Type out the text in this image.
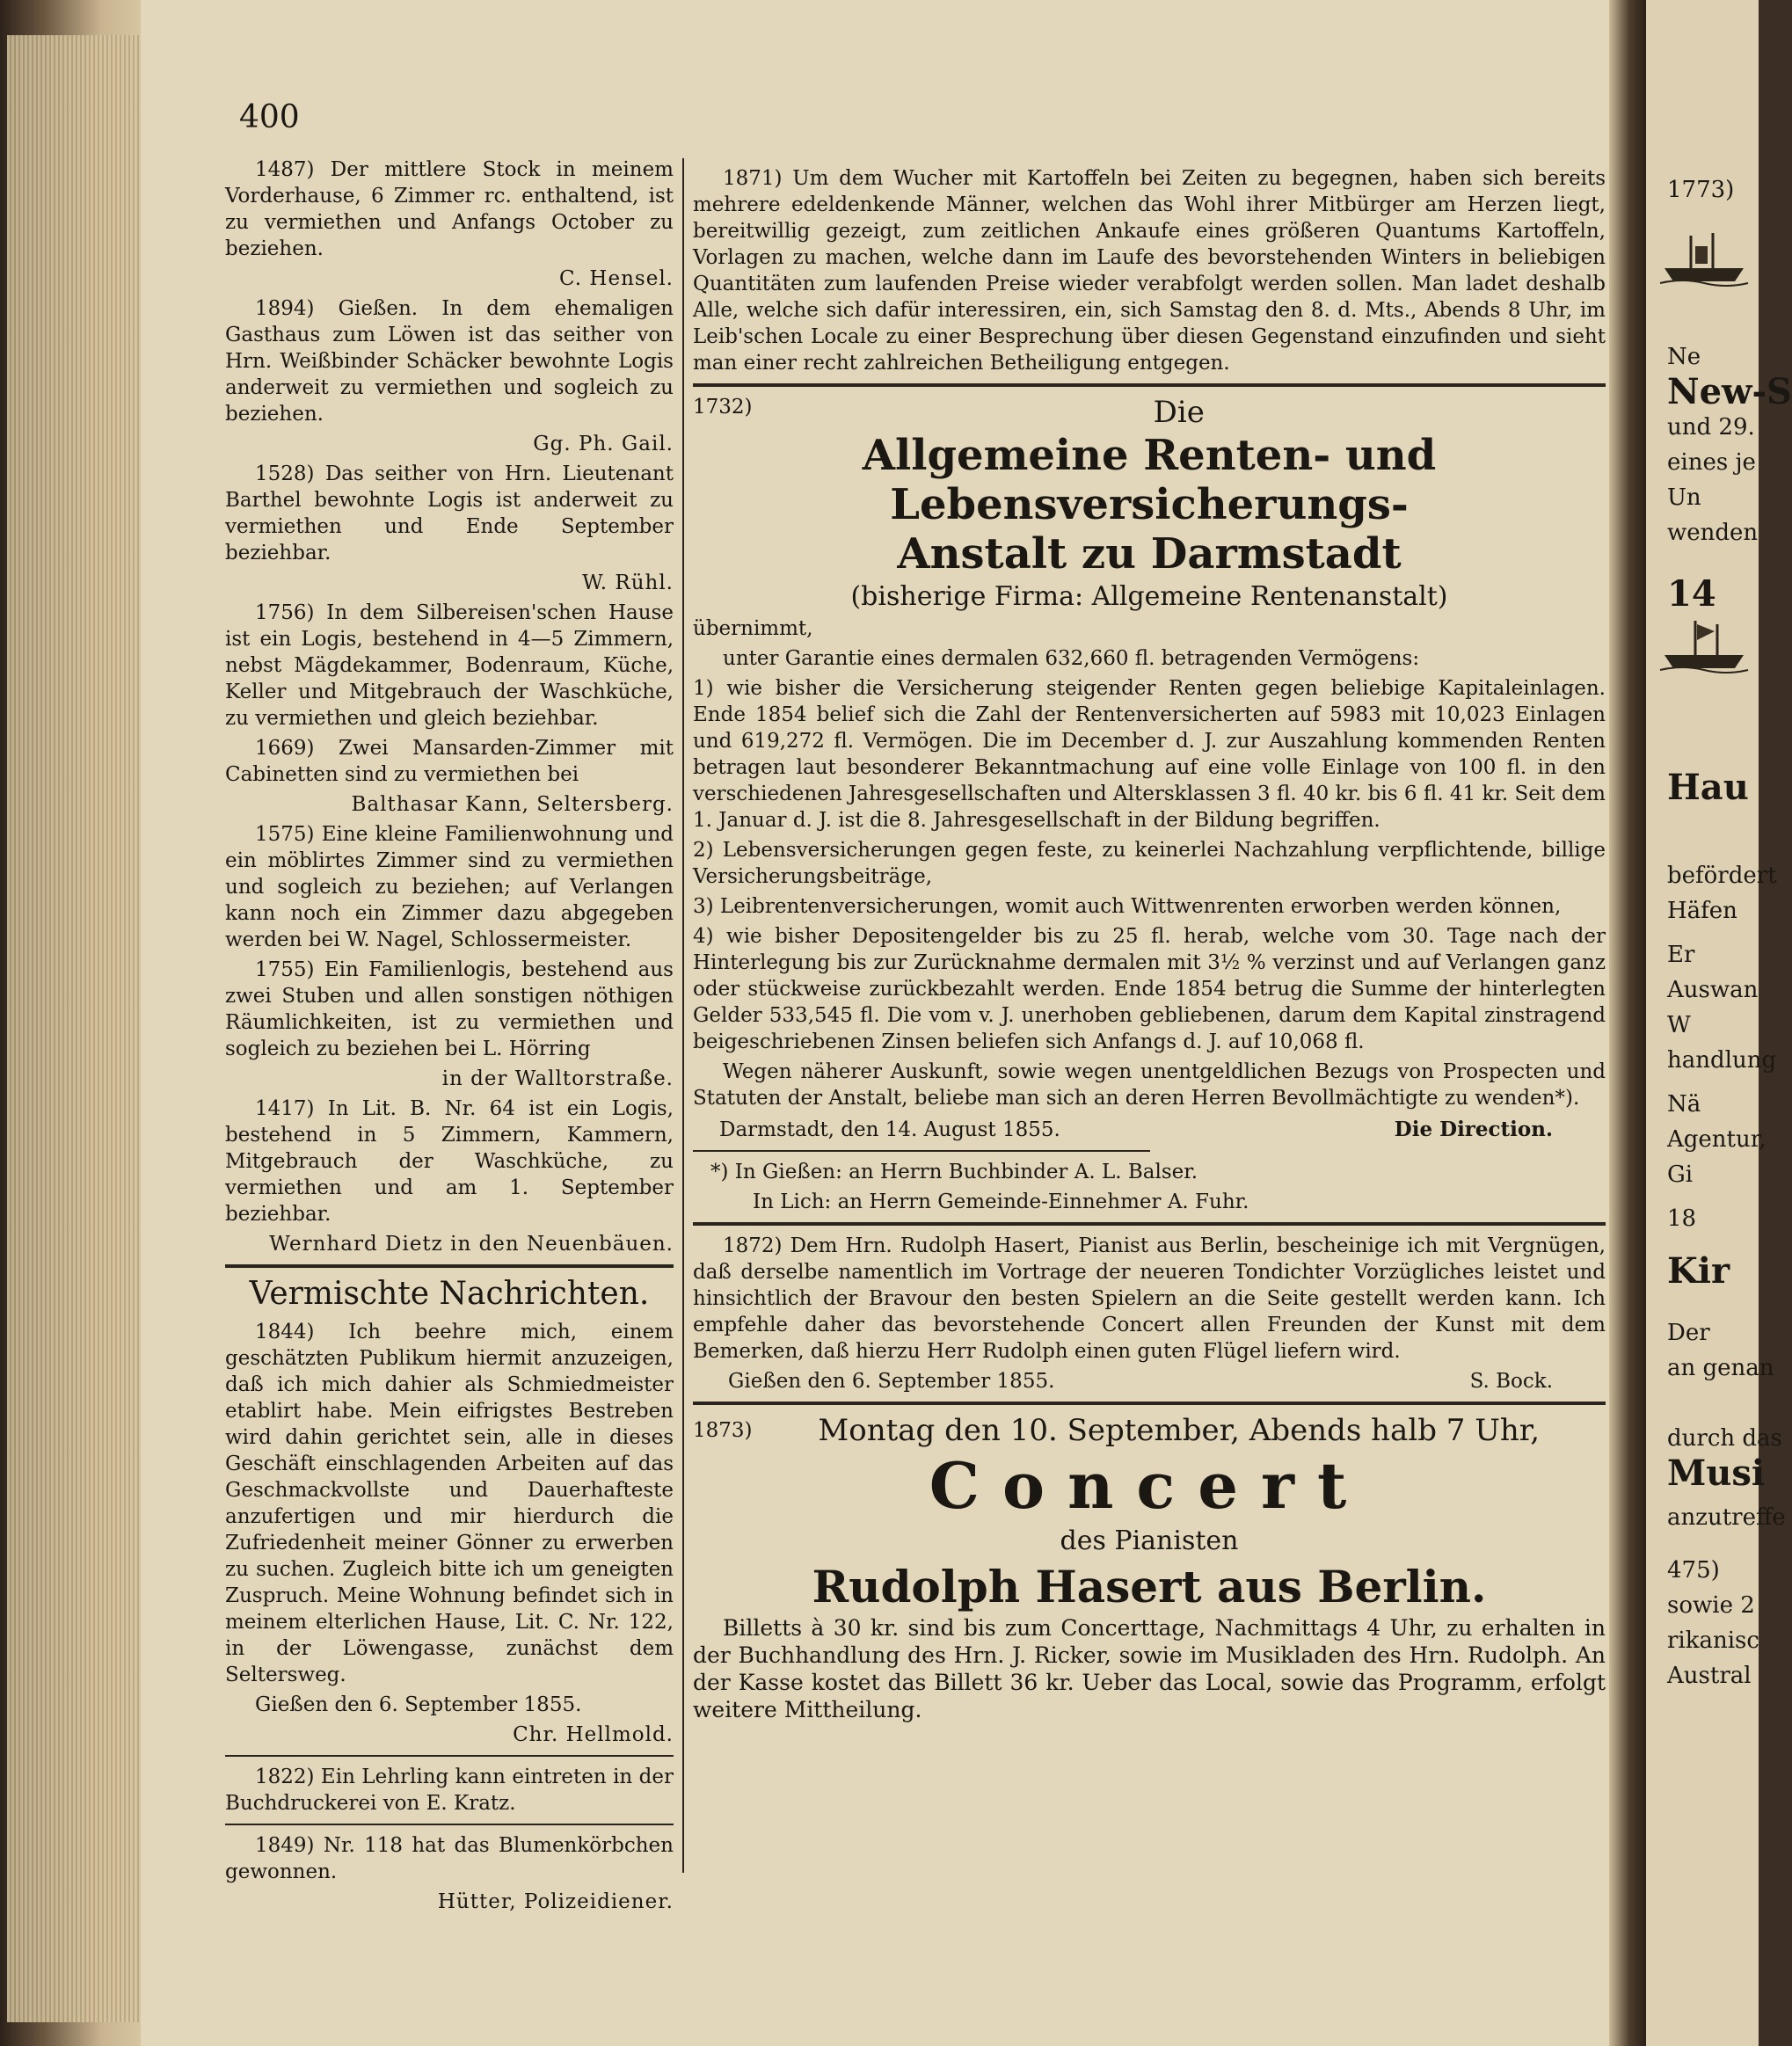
400

1487) Der mittlere Stock in meinem Vorderhause, 6 Zimmer rc. enthaltend, ist zu vermiethen und Anfangs October zu beziehen.

C. Hensel.

1894) Gießen. In dem ehemaligen Gasthaus zum Löwen ist das seither von Hrn. Weißbinder Schäcker bewohnte Logis anderweit zu vermiethen und sogleich zu beziehen.

Gg. Ph. Gail.

1528) Das seither von Hrn. Lieutenant Barthel bewohnte Logis ist anderweit zu vermiethen und Ende September beziehbar.

W. Rühl.

1756) In dem Silbereisen'schen Hause ist ein Logis, bestehend in 4—5 Zimmern, nebst Mägdekammer, Bodenraum, Küche, Keller und Mitgebrauch der Waschküche, zu vermiethen und gleich beziehbar.

1669) Zwei Mansarden-Zimmer mit Cabinetten sind zu vermiethen bei

Balthasar Kann, Seltersberg.

1575) Eine kleine Familienwohnung und ein möblirtes Zimmer sind zu vermiethen und sogleich zu beziehen; auf Verlangen kann noch ein Zimmer dazu abgegeben werden bei W. Nagel, Schlossermeister.

1755) Ein Familienlogis, bestehend aus zwei Stuben und allen sonstigen nöthigen Räumlichkeiten, ist zu vermiethen und sogleich zu beziehen bei L. Hörring

in der Walltorstraße.

1417) In Lit. B. Nr. 64 ist ein Logis, bestehend in 5 Zimmern, Kammern, Mitgebrauch der Waschküche, zu vermiethen und am 1. September beziehbar.

Wernhard Dietz in den Neuenbäuen.

Vermischte Nachrichten.

1844) Ich beehre mich, einem geschätzten Publikum hiermit anzuzeigen, daß ich mich dahier als Schmiedmeister etablirt habe. Mein eifrigstes Bestreben wird dahin gerichtet sein, alle in dieses Geschäft einschlagenden Arbeiten auf das Geschmackvollste und Dauerhafteste anzufertigen und mir hierdurch die Zufriedenheit meiner Gönner zu erwerben zu suchen. Zugleich bitte ich um geneigten Zuspruch. Meine Wohnung befindet sich in meinem elterlichen Hause, Lit. C. Nr. 122, in der Löwengasse, zunächst dem Seltersweg.

Gießen den 6. September 1855.

Chr. Hellmold.

1822) Ein Lehrling kann eintreten in der Buchdruckerei von E. Kratz.

1849) Nr. 118 hat das Blumenkörbchen gewonnen.

Hütter, Polizeidiener.

1871) Um dem Wucher mit Kartoffeln bei Zeiten zu begegnen, haben sich bereits mehrere edeldenkende Männer, welchen das Wohl ihrer Mitbürger am Herzen liegt, bereitwillig gezeigt, zum zeitlichen Ankaufe eines größeren Quantums Kartoffeln, Vorlagen zu machen, welche dann im Laufe des bevorstehenden Winters in beliebigen Quantitäten zum laufenden Preise wieder verabfolgt werden sollen. Man ladet deshalb Alle, welche sich dafür interessiren, ein, sich Samstag den 8. d. Mts., Abends 8 Uhr, im Leib'schen Locale zu einer Besprechung über diesen Gegenstand einzufinden und sieht man einer recht zahlreichen Betheiligung entgegen.

1732)	Die
Allgemeine Renten- und Lebensversicherungs-
Anstalt zu Darmstadt
(bisherige Firma: Allgemeine Rentenanstalt)

übernimmt,

unter Garantie eines dermalen 632,660 fl. betragenden Vermögens:

1) wie bisher die Versicherung steigender Renten gegen beliebige Kapitaleinlagen. Ende 1854 belief sich die Zahl der Rentenversicherten auf 5983 mit 10,023 Einlagen und 619,272 fl. Vermögen. Die im December d. J. zur Auszahlung kommenden Renten betragen laut besonderer Bekanntmachung auf eine volle Einlage von 100 fl. in den verschiedenen Jahresgesellschaften und Altersklassen 3 fl. 40 kr. bis 6 fl. 41 kr. Seit dem 1. Januar d. J. ist die 8. Jahresgesellschaft in der Bildung begriffen.

2) Lebensversicherungen gegen feste, zu keinerlei Nachzahlung verpflichtende, billige Versicherungsbeiträge,

3) Leibrentenversicherungen, womit auch Wittwenrenten erworben werden können,

4) wie bisher Depositengelder bis zu 25 fl. herab, welche vom 30. Tage nach der Hinterlegung bis zur Zurücknahme dermalen mit 3½ % verzinst und auf Verlangen ganz oder stückweise zurückbezahlt werden. Ende 1854 betrug die Summe der hinterlegten Gelder 533,545 fl. Die vom v. J. unerhoben gebliebenen, darum dem Kapital zinstragend beigeschriebenen Zinsen beliefen sich Anfangs d. J. auf 10,068 fl.

Wegen näherer Auskunft, sowie wegen unentgeldlichen Bezugs von Prospecten und Statuten der Anstalt, beliebe man sich an deren Herren Bevollmächtigte zu wenden*).

Darmstadt, den 14. August 1855.	Die Direction.

*) In Gießen: an Herrn Buchbinder A. L. Balser.

In Lich: an Herrn Gemeinde-Einnehmer A. Fuhr.

1872) Dem Hrn. Rudolph Hasert, Pianist aus Berlin, bescheinige ich mit Vergnügen, daß derselbe namentlich im Vortrage der neueren Tondichter Vorzügliches leistet und hinsichtlich der Bravour den besten Spielern an die Seite gestellt werden kann. Ich empfehle daher das bevorstehende Concert allen Freunden der Kunst mit dem Bemerken, daß hierzu Herr Rudolph einen guten Flügel liefern wird.

Gießen den 6. September 1855.	S. Bock.
1873)	Montag den 10. September, Abends halb 7 Uhr,
Concert
des Pianisten
Rudolph Hasert aus Berlin.

Billetts à 30 kr. sind bis zum Concerttage, Nachmittags 4 Uhr, zu erhalten in der Buchhandlung des Hrn. J. Ricker, sowie im Musikladen des Hrn. Rudolph. An der Kasse kostet das Billett 36 kr. Ueber das Local, sowie das Programm, erfolgt weitere Mittheilung.

1773)
Ne
New-S
und 29.
eines je
Un
wenden
14
Hau
befördert
Häfen
Er
Auswan
W
handlung
Nä
Agentur,
Gi
18
Kir
Der
an genan
durch das
Musi
anzutreffe
475)
sowie 2
rikanisc
Austral
